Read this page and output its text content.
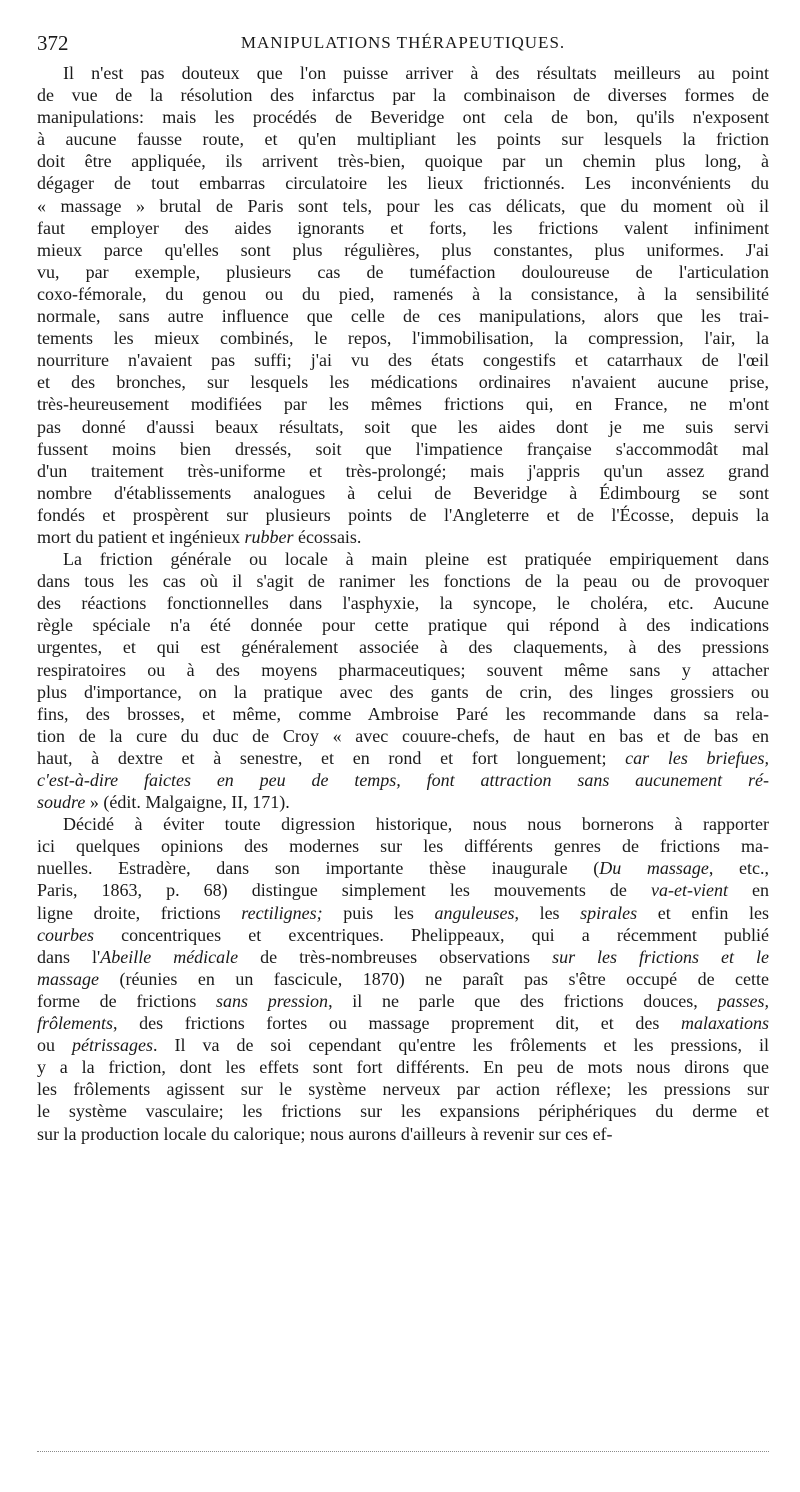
372	MANIPULATIONS THÉRAPEUTIQUES.
Il n'est pas douteux que l'on puisse arriver à des résultats meilleurs au point
de vue de la résolution des infarctus par la combinaison de diverses formes de
manipulations: mais les procédés de Beveridge ont cela de bon, qu'ils n'exposent
à aucune fausse route, et qu'en multipliant les points sur lesquels la friction
doit être appliquée, ils arrivent très-bien, quoique par un chemin plus long, à
dégager de tout embarras circulatoire les lieux frictionnés. Les inconvénients du
« massage » brutal de Paris sont tels, pour les cas délicats, que du moment où il
faut employer des aides ignorants et forts, les frictions valent infiniment
mieux parce qu'elles sont plus régulières, plus constantes, plus uniformes. J'ai
vu, par exemple, plusieurs cas de tuméfaction douloureuse de l'articulation
coxo-fémorale, du genou ou du pied, ramenés à la consistance, à la sensibilité
normale, sans autre influence que celle de ces manipulations, alors que les trai-
tements les mieux combinés, le repos, l'immobilisation, la compression, l'air, la
nourriture n'avaient pas suffi; j'ai vu des états congestifs et catarrhaux de l'œil
et des bronches, sur lesquels les médications ordinaires n'avaient aucune prise,
très-heureusement modifiées par les mêmes frictions qui, en France, ne m'ont
pas donné d'aussi beaux résultats, soit que les aides dont je me suis servi
fussent moins bien dressés, soit que l'impatience française s'accommodât mal
d'un traitement très-uniforme et très-prolongé; mais j'appris qu'un assez grand
nombre d'établissements analogues à celui de Beveridge à Édimbourg se sont
fondés et prospèrent sur plusieurs points de l'Angleterre et de l'Écosse, depuis la
mort du patient et ingénieux rubber écossais.
La friction générale ou locale à main pleine est pratiquée empiriquement dans
dans tous les cas où il s'agit de ranimer les fonctions de la peau ou de provoquer
des réactions fonctionnelles dans l'asphyxie, la syncope, le choléra, etc. Aucune
règle spéciale n'a été donnée pour cette pratique qui répond à des indications
urgentes, et qui est généralement associée à des claquements, à des pressions
respiratoires ou à des moyens pharmaceutiques; souvent même sans y attacher
plus d'importance, on la pratique avec des gants de crin, des linges grossiers ou
fins, des brosses, et même, comme Ambroise Paré les recommande dans sa rela-
tion de la cure du duc de Croy « avec couure-chefs, de haut en bas et de bas en
haut, à dextre et à senestre, et en rond et fort longuement; car les briefues,
c'est-à-dire faictes en peu de temps, font attraction sans aucunement ré-
soudre » (édit. Malgaigne, II, 171).
Décidé à éviter toute digression historique, nous nous bornerons à rapporter
ici quelques opinions des modernes sur les différents genres de frictions ma-
nuelles. Estradère, dans son importante thèse inaugurale (Du massage, etc.,
Paris, 1863, p. 68) distingue simplement les mouvements de va-et-vient en
ligne droite, frictions rectilignes; puis les anguleuses, les spirales et enfin les
courbes concentriques et excentriques. Phelippeaux, qui a récemment publié
dans l'Abeille médicale de très-nombreuses observations sur les frictions et le
massage (réunies en un fascicule, 1870) ne paraît pas s'être occupé de cette
forme de frictions sans pression, il ne parle que des frictions douces, passes,
frôlements, des frictions fortes ou massage proprement dit, et des malaxations
ou pétrissages. Il va de soi cependant qu'entre les frôlements et les pressions, il
y a la friction, dont les effets sont fort différents. En peu de mots nous dirons que
les frôlements agissent sur le système nerveux par action réflexe; les pressions sur
le système vasculaire; les frictions sur les expansions périphériques du derme et
sur la production locale du calorique; nous aurons d'ailleurs à revenir sur ces ef-
